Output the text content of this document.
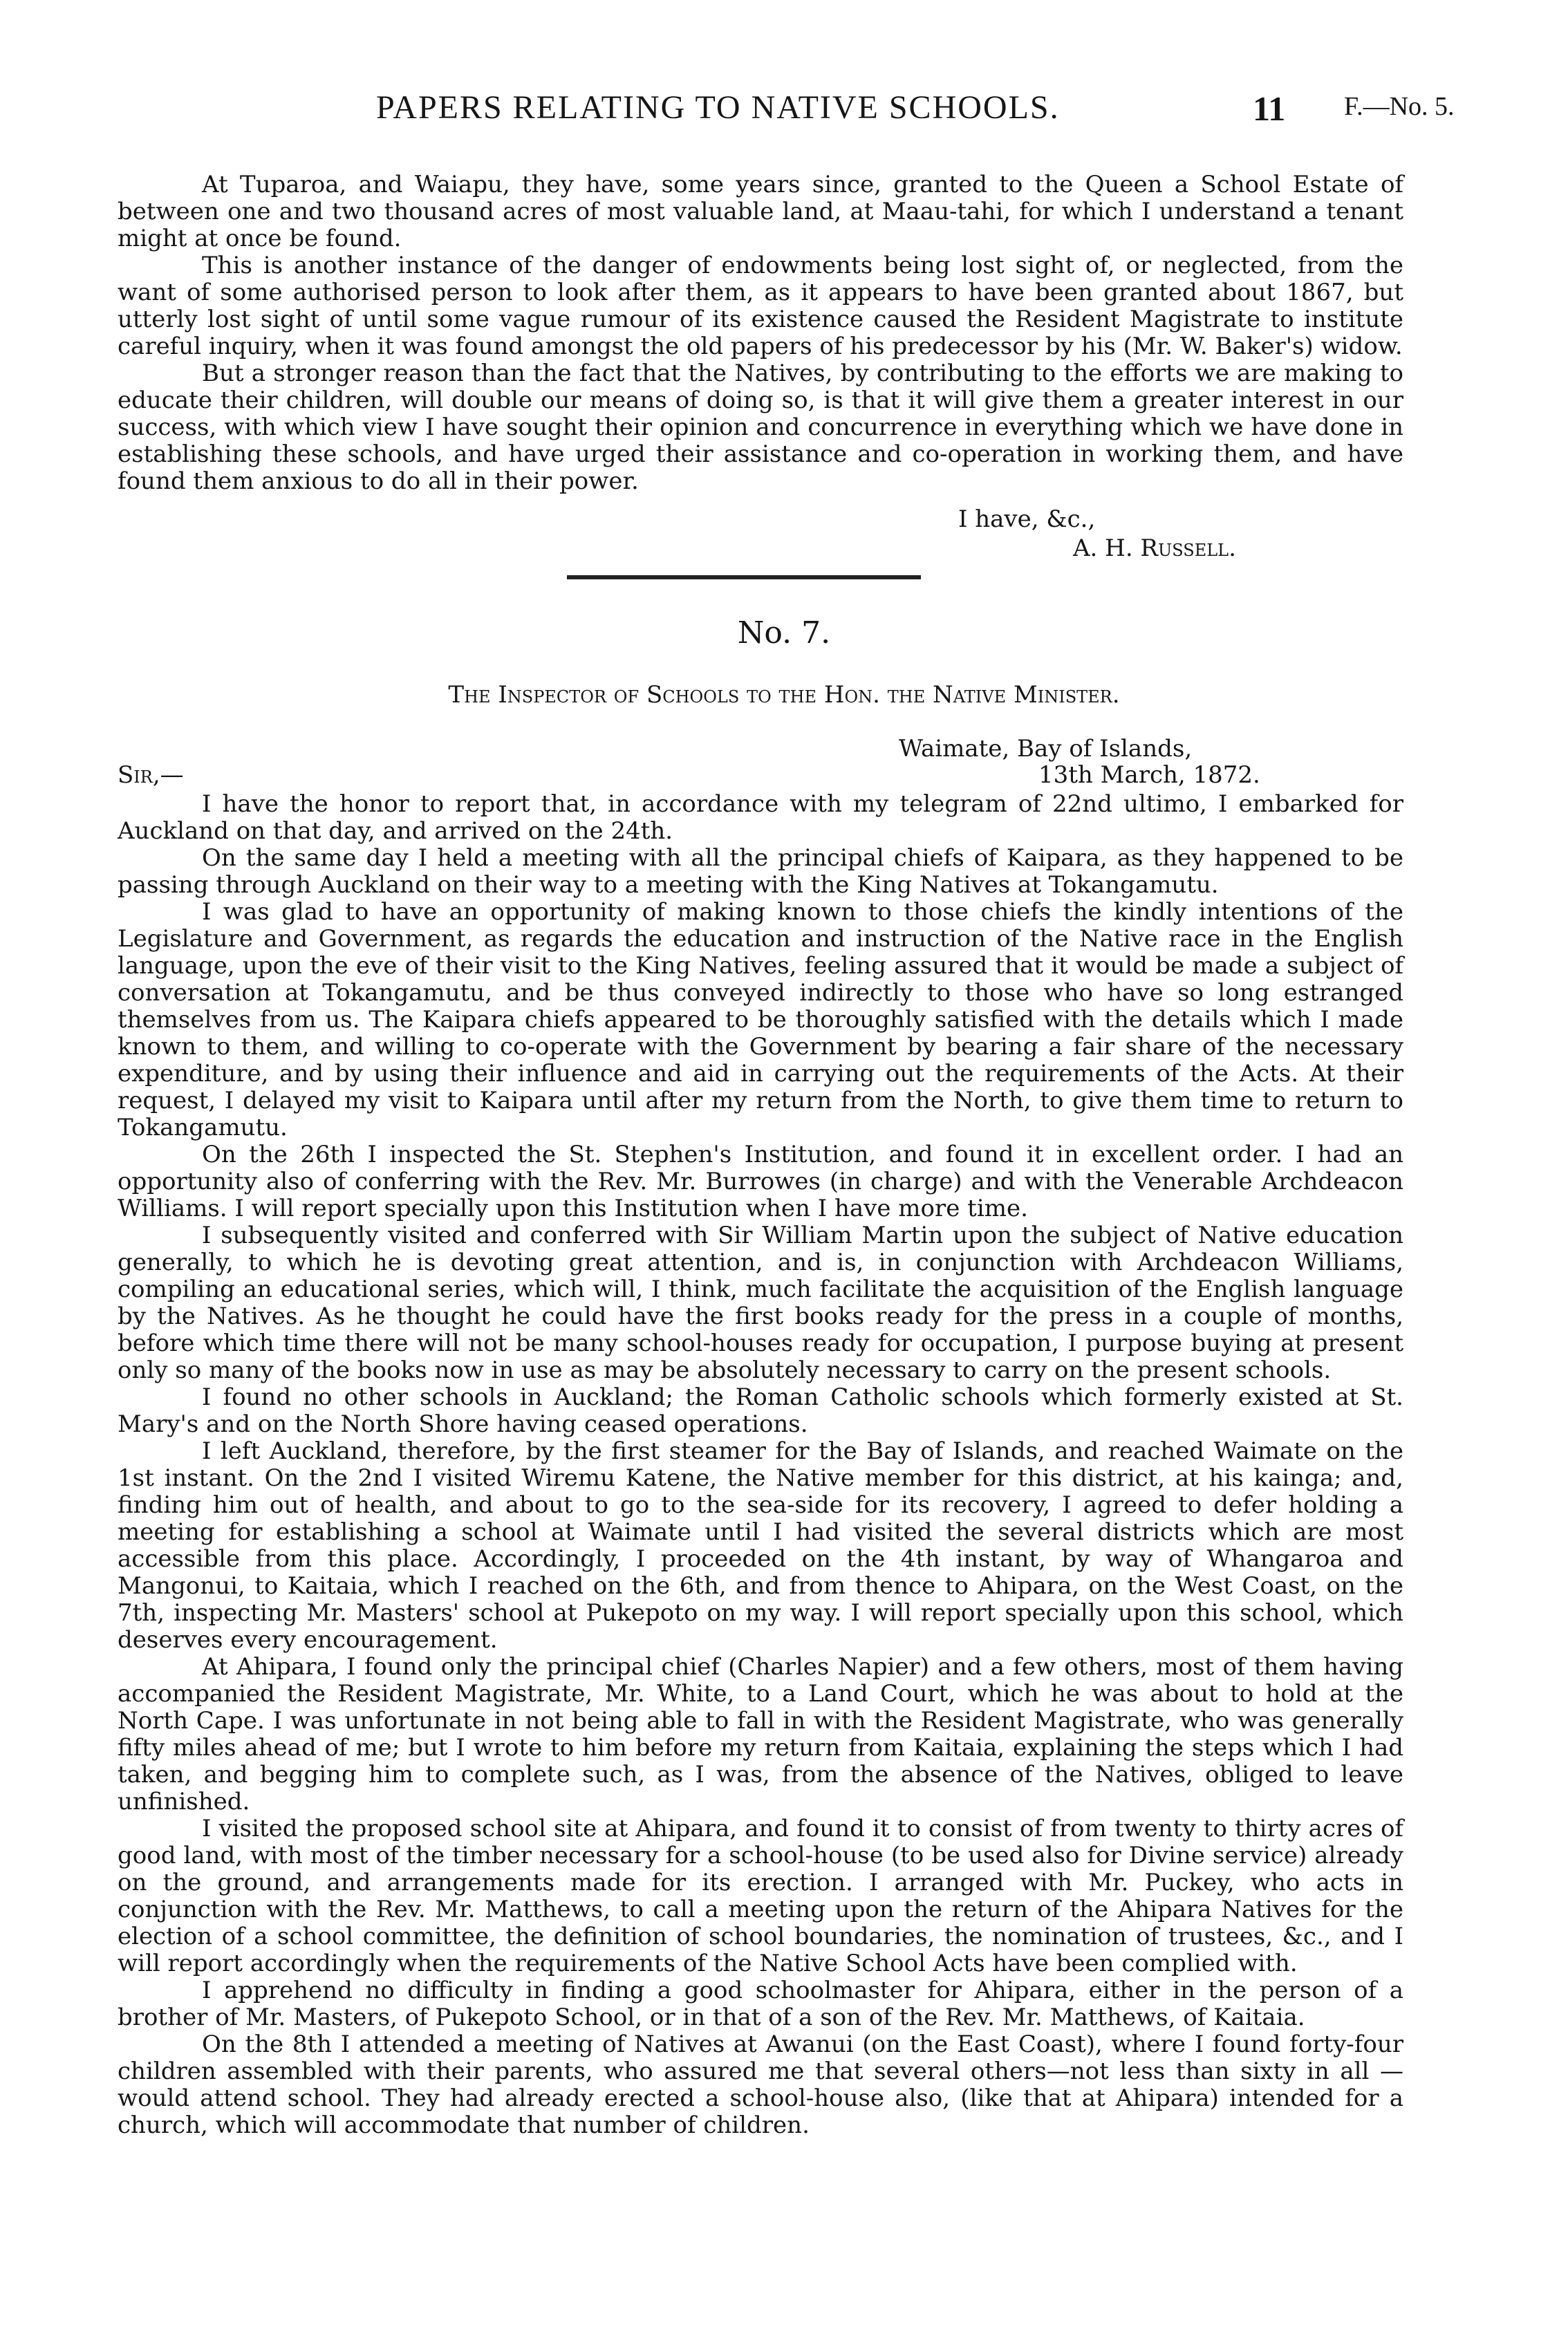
PAPERS RELATING TO NATIVE SCHOOLS.	11 F.—No. 5.

At Tuparoa, and Waiapu, they have, some years since, granted to the Queen a School Estate of between one and two thousand acres of most valuable land, at Maau-tahi, for which I understand a tenant might at once be found.

This is another instance of the danger of endowments being lost sight of, or neglected, from the want of some authorised person to look after them, as it appears to have been granted about 1867, but utterly lost sight of until some vague rumour of its existence caused the Resident Magistrate to institute careful inquiry, when it was found amongst the old papers of his predecessor by his (Mr. W. Baker's) widow.

But a stronger reason than the fact that the Natives, by contributing to the efforts we are making to educate their children, will double our means of doing so, is that it will give them a greater interest in our success, with which view I have sought their opinion and concurrence in everything which we have done in establishing these schools, and have urged their assistance and co-operation in working them, and have found them anxious to do all in their power.

I have, &c.,
A. H. Russell.
No. 7.
The Inspector of Schools to the Hon. the Native Minister.
Waimate, Bay of Islands,
Sir,—	13th March, 1872.

I have the honor to report that, in accordance with my telegram of 22nd ultimo, I embarked for Auckland on that day, and arrived on the 24th.

On the same day I held a meeting with all the principal chiefs of Kaipara, as they happened to be passing through Auckland on their way to a meeting with the King Natives at Tokangamutu.

I was glad to have an opportunity of making known to those chiefs the kindly intentions of the Legislature and Government, as regards the education and instruction of the Native race in the English language, upon the eve of their visit to the King Natives, feeling assured that it would be made a subject of conversation at Tokangamutu, and be thus conveyed indirectly to those who have so long estranged themselves from us. The Kaipara chiefs appeared to be thoroughly satisfied with the details which I made known to them, and willing to co-operate with the Government by bearing a fair share of the necessary expenditure, and by using their influence and aid in carrying out the requirements of the Acts. At their request, I delayed my visit to Kaipara until after my return from the North, to give them time to return to Tokangamutu.

On the 26th I inspected the St. Stephen's Institution, and found it in excellent order. I had an opportunity also of conferring with the Rev. Mr. Burrowes (in charge) and with the Venerable Archdeacon Williams. I will report specially upon this Institution when I have more time.

I subsequently visited and conferred with Sir William Martin upon the subject of Native education generally, to which he is devoting great attention, and is, in conjunction with Archdeacon Williams, compiling an educational series, which will, I think, much facilitate the acquisition of the English language by the Natives. As he thought he could have the first books ready for the press in a couple of months, before which time there will not be many school-houses ready for occupation, I purpose buying at present only so many of the books now in use as may be absolutely necessary to carry on the present schools.

I found no other schools in Auckland; the Roman Catholic schools which formerly existed at St. Mary's and on the North Shore having ceased operations.

I left Auckland, therefore, by the first steamer for the Bay of Islands, and reached Waimate on the 1st instant. On the 2nd I visited Wiremu Katene, the Native member for this district, at his kainga; and, finding him out of health, and about to go to the sea-side for its recovery, I agreed to defer holding a meeting for establishing a school at Waimate until I had visited the several districts which are most accessible from this place. Accordingly, I proceeded on the 4th instant, by way of Whangaroa and Mangonui, to Kaitaia, which I reached on the 6th, and from thence to Ahipara, on the West Coast, on the 7th, inspecting Mr. Masters' school at Pukepoto on my way. I will report specially upon this school, which deserves every encouragement.

At Ahipara, I found only the principal chief (Charles Napier) and a few others, most of them having accompanied the Resident Magistrate, Mr. White, to a Land Court, which he was about to hold at the North Cape. I was unfortunate in not being able to fall in with the Resident Magistrate, who was generally fifty miles ahead of me; but I wrote to him before my return from Kaitaia, explaining the steps which I had taken, and begging him to complete such, as I was, from the absence of the Natives, obliged to leave unfinished.

I visited the proposed school site at Ahipara, and found it to consist of from twenty to thirty acres of good land, with most of the timber necessary for a school-house (to be used also for Divine service) already on the ground, and arrangements made for its erection. I arranged with Mr. Puckey, who acts in conjunction with the Rev. Mr. Matthews, to call a meeting upon the return of the Ahipara Natives for the election of a school committee, the definition of school boundaries, the nomination of trustees, &c., and I will report accordingly when the requirements of the Native School Acts have been complied with.

I apprehend no difficulty in finding a good schoolmaster for Ahipara, either in the person of a brother of Mr. Masters, of Pukepoto School, or in that of a son of the Rev. Mr. Matthews, of Kaitaia.

On the 8th I attended a meeting of Natives at Awanui (on the East Coast), where I found forty-four children assembled with their parents, who assured me that several others—not less than sixty in all —would attend school. They had already erected a school-house also, (like that at Ahipara) intended for a church, which will accommodate that number of children.
